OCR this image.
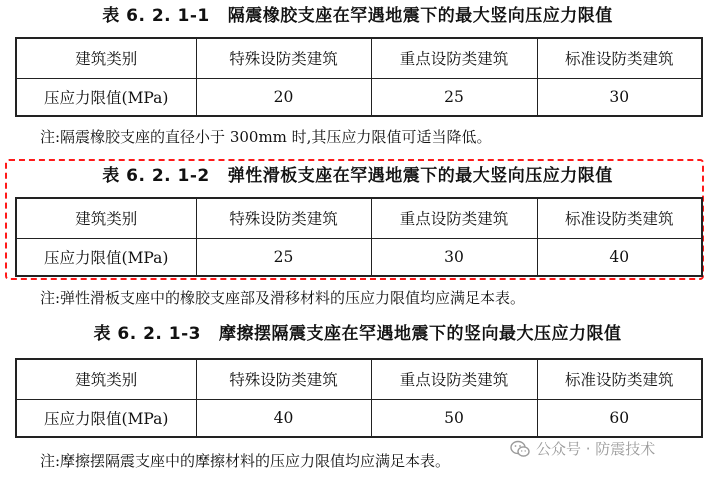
表 6. 2. 1-1 隔震橡胶支座在罕遇地震下的最大竖向压应力限值
建筑类别	特殊设防类建筑	重点设防类建筑	标准设防类建筑
压应力限值(MPa)	20	25	30
注:隔震橡胶支座的直径小于 300mm 时,其压应力限值可适当降低。
表 6. 2. 1-2 弹性滑板支座在罕遇地震下的最大竖向压应力限值
建筑类别	特殊设防类建筑	重点设防类建筑	标准设防类建筑
压应力限值(MPa)	25	30	40
注:弹性滑板支座中的橡胶支座部及滑移材料的压应力限值均应满足本表。
表 6. 2. 1-3 摩擦摆隔震支座在罕遇地震下的竖向最大压应力限值
建筑类别	特殊设防类建筑	重点设防类建筑	标准设防类建筑
压应力限值(MPa)	40	50	60
注:摩擦摆隔震支座中的摩擦材料的压应力限值均应满足本表。
公众号 · 防震技术
